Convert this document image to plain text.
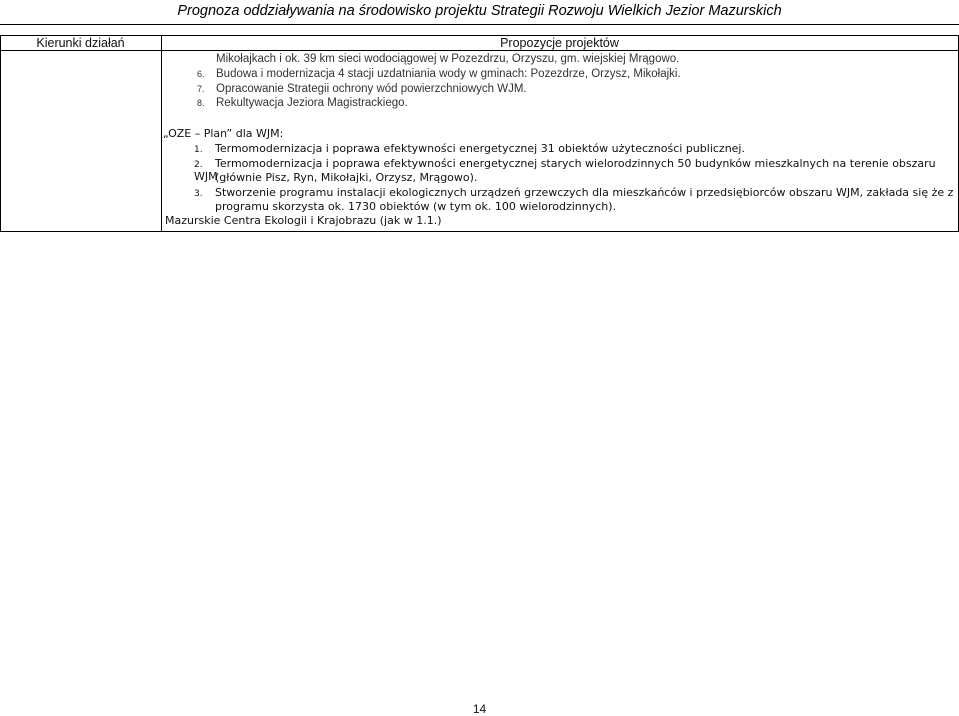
Prognoza oddziaływania na środowisko projektu Strategii Rozwoju Wielkich Jezior Mazurskich
Kierunki działań	Propozycje projektów
Mikołajkach i ok. 39 km sieci wodociągowej w Pozezdrzu, Orzyszu, gm. wiejskiej Mrągowo.
6. Budowa i modernizacja 4 stacji uzdatniania wody w gminach: Pozezdrze, Orzysz, Mikołajki.
7. Opracowanie Strategii ochrony wód powierzchniowych WJM.
8. Rekultywacja Jeziora Magistrackiego.
„OZE – Plan” dla WJM:
1. Termomodernizacja i poprawa efektywności energetycznej 31 obiektów użyteczności publicznej.
2. Termomodernizacja i poprawa efektywności energetycznej starych wielorodzinnych 50 budynków mieszkalnych na terenie obszaru WJM
(głównie Pisz, Ryn, Mikołajki, Orzysz, Mrągowo).
3. Stworzenie programu instalacji ekologicznych urządzeń grzewczych dla mieszkańców i przedsiębiorców obszaru WJM, zakłada się że z
programu skorzysta ok. 1730 obiektów (w tym ok. 100 wielorodzinnych).
Mazurskie Centra Ekologii i Krajobrazu (jak w 1.1.)
14
